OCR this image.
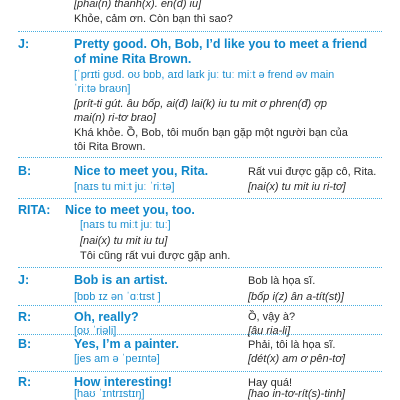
[phai(n) thanh(x). en(đ) iu]
Khỏe, cảm ơn. Còn bạn thì sao?
J:	Pretty good. Oh, Bob, I’d like you to meet a friend
of mine Rita Brown.
[ˈprɪti ɡʊd. oʊ bɒb, aɪd laɪk juː tuː miːt ə frend əv main
ˈriːtə braʊn]
[prít-ti gút. âu bốp, ai(đ) lai(k) iu tu mit ơ phren(đ) ợp
mai(n) ri-tơ brao]
Khá khỏe. Ồ, Bob, tôi muốn bạn gặp một người bạn của
tôi Rita Brown.
B:	Nice to meet you, Rita.	Rất vui được gặp cô, Rita.
[naɪs tu miːt juː ˈriːtə]	[nai(x) tu mit iu ri-tơ]
RITA: Nice to meet you, too.
[naɪs tu miːt juː tuː]
[nai(x) tu mit iu tu]
Tôi cũng rất vui được gặp anh.
J:	Bob is an artist.	Bob là họa sĩ.
[bɒb ɪz ən ˈɑːtɪst ]	[bốp i(z) ân a-tít(st)]
R:	Oh, really?	Ồ, vậy à?
[oʊ ˈriəli]	[âu ria-li]
B:	Yes, I’m a painter.	Phải, tôi là họa sĩ.
[jes am ə ˈpeɪntə]	[dét(x) am ơ pên-tơ]
R:	How interesting!	Hay quá!
[haʊ ˈɪntrɪstɪŋ]	[hao in-tơ-rít(s)-tinh]
